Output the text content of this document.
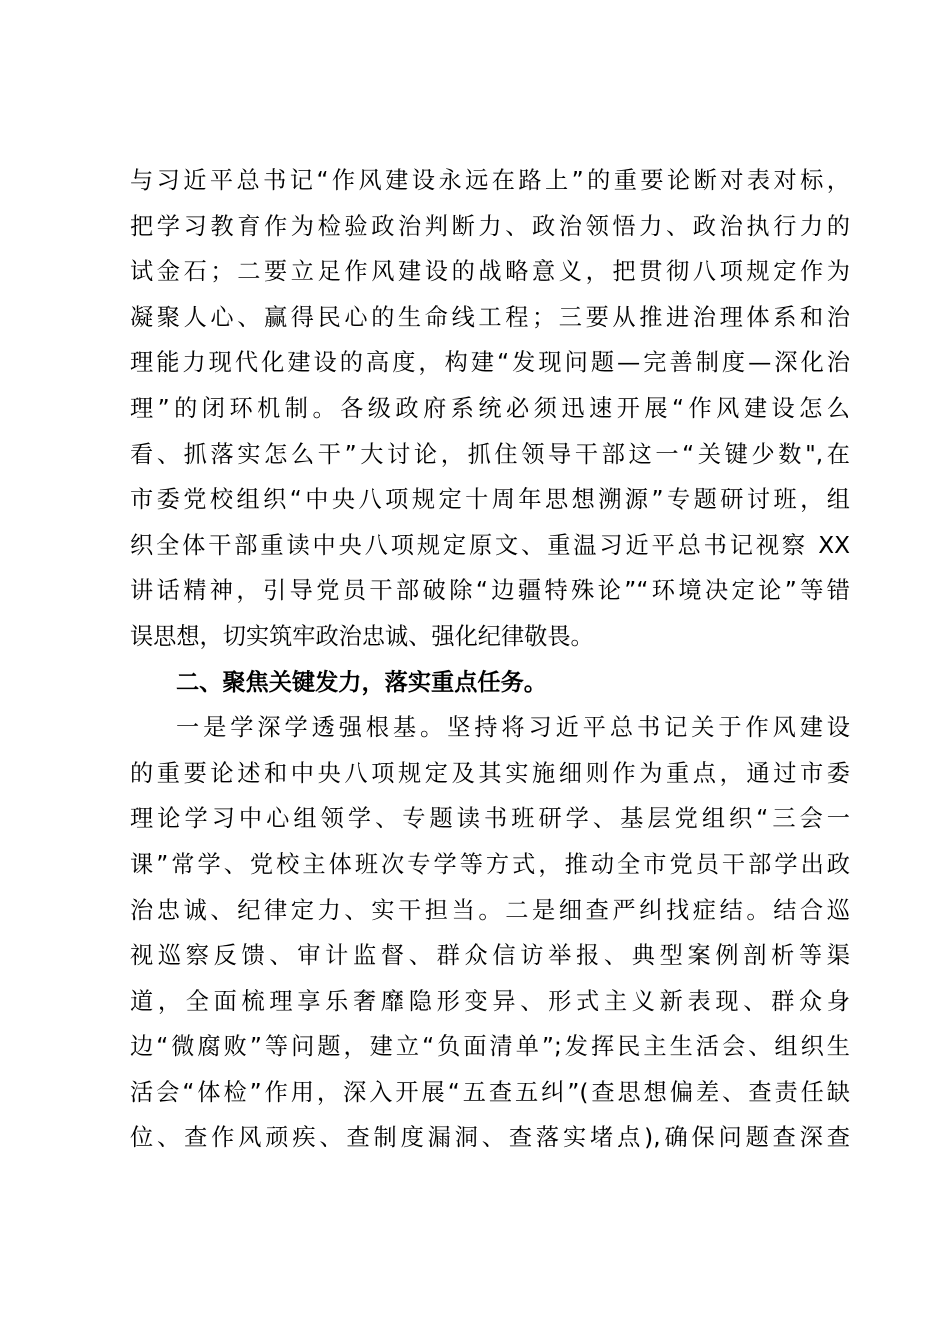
与习近平总书记“作风建设永远在路上”的重要论断对表对标，
把学习教育作为检验政治判断力、政治领悟力、政治执行力的
试金石；二要立足作风建设的战略意义，把贯彻八项规定作为
凝聚人心、赢得民心的生命线工程；三要从推进治理体系和治
理能力现代化建设的高度，构建“发现问题—完善制度—深化治
理”的闭环机制。各级政府系统必须迅速开展“作风建设怎么
看、抓落实怎么干”大讨论，抓住领导干部这一“关键少数",在
市委党校组织“中央八项规定十周年思想溯源”专题研讨班，组
织全体干部重读中央八项规定原文、重温习近平总书记视察 XX
讲话精神，引导党员干部破除“边疆特殊论”“环境决定论”等错
误思想，切实筑牢政治忠诚、强化纪律敬畏。
二、聚焦关键发力，落实重点任务。
一是学深学透强根基。坚持将习近平总书记关于作风建设
的重要论述和中央八项规定及其实施细则作为重点，通过市委
理论学习中心组领学、专题读书班研学、基层党组织“三会一
课”常学、党校主体班次专学等方式，推动全市党员干部学出政
治忠诚、纪律定力、实干担当。二是细查严纠找症结。结合巡
视巡察反馈、审计监督、群众信访举报、典型案例剖析等渠
道，全面梳理享乐奢靡隐形变异、形式主义新表现、群众身
边“微腐败”等问题，建立“负面清单”;发挥民主生活会、组织生
活会“体检”作用，深入开展“五查五纠”(查思想偏差、查责任缺
位、查作风顽疾、查制度漏洞、查落实堵点),确保问题查深查
